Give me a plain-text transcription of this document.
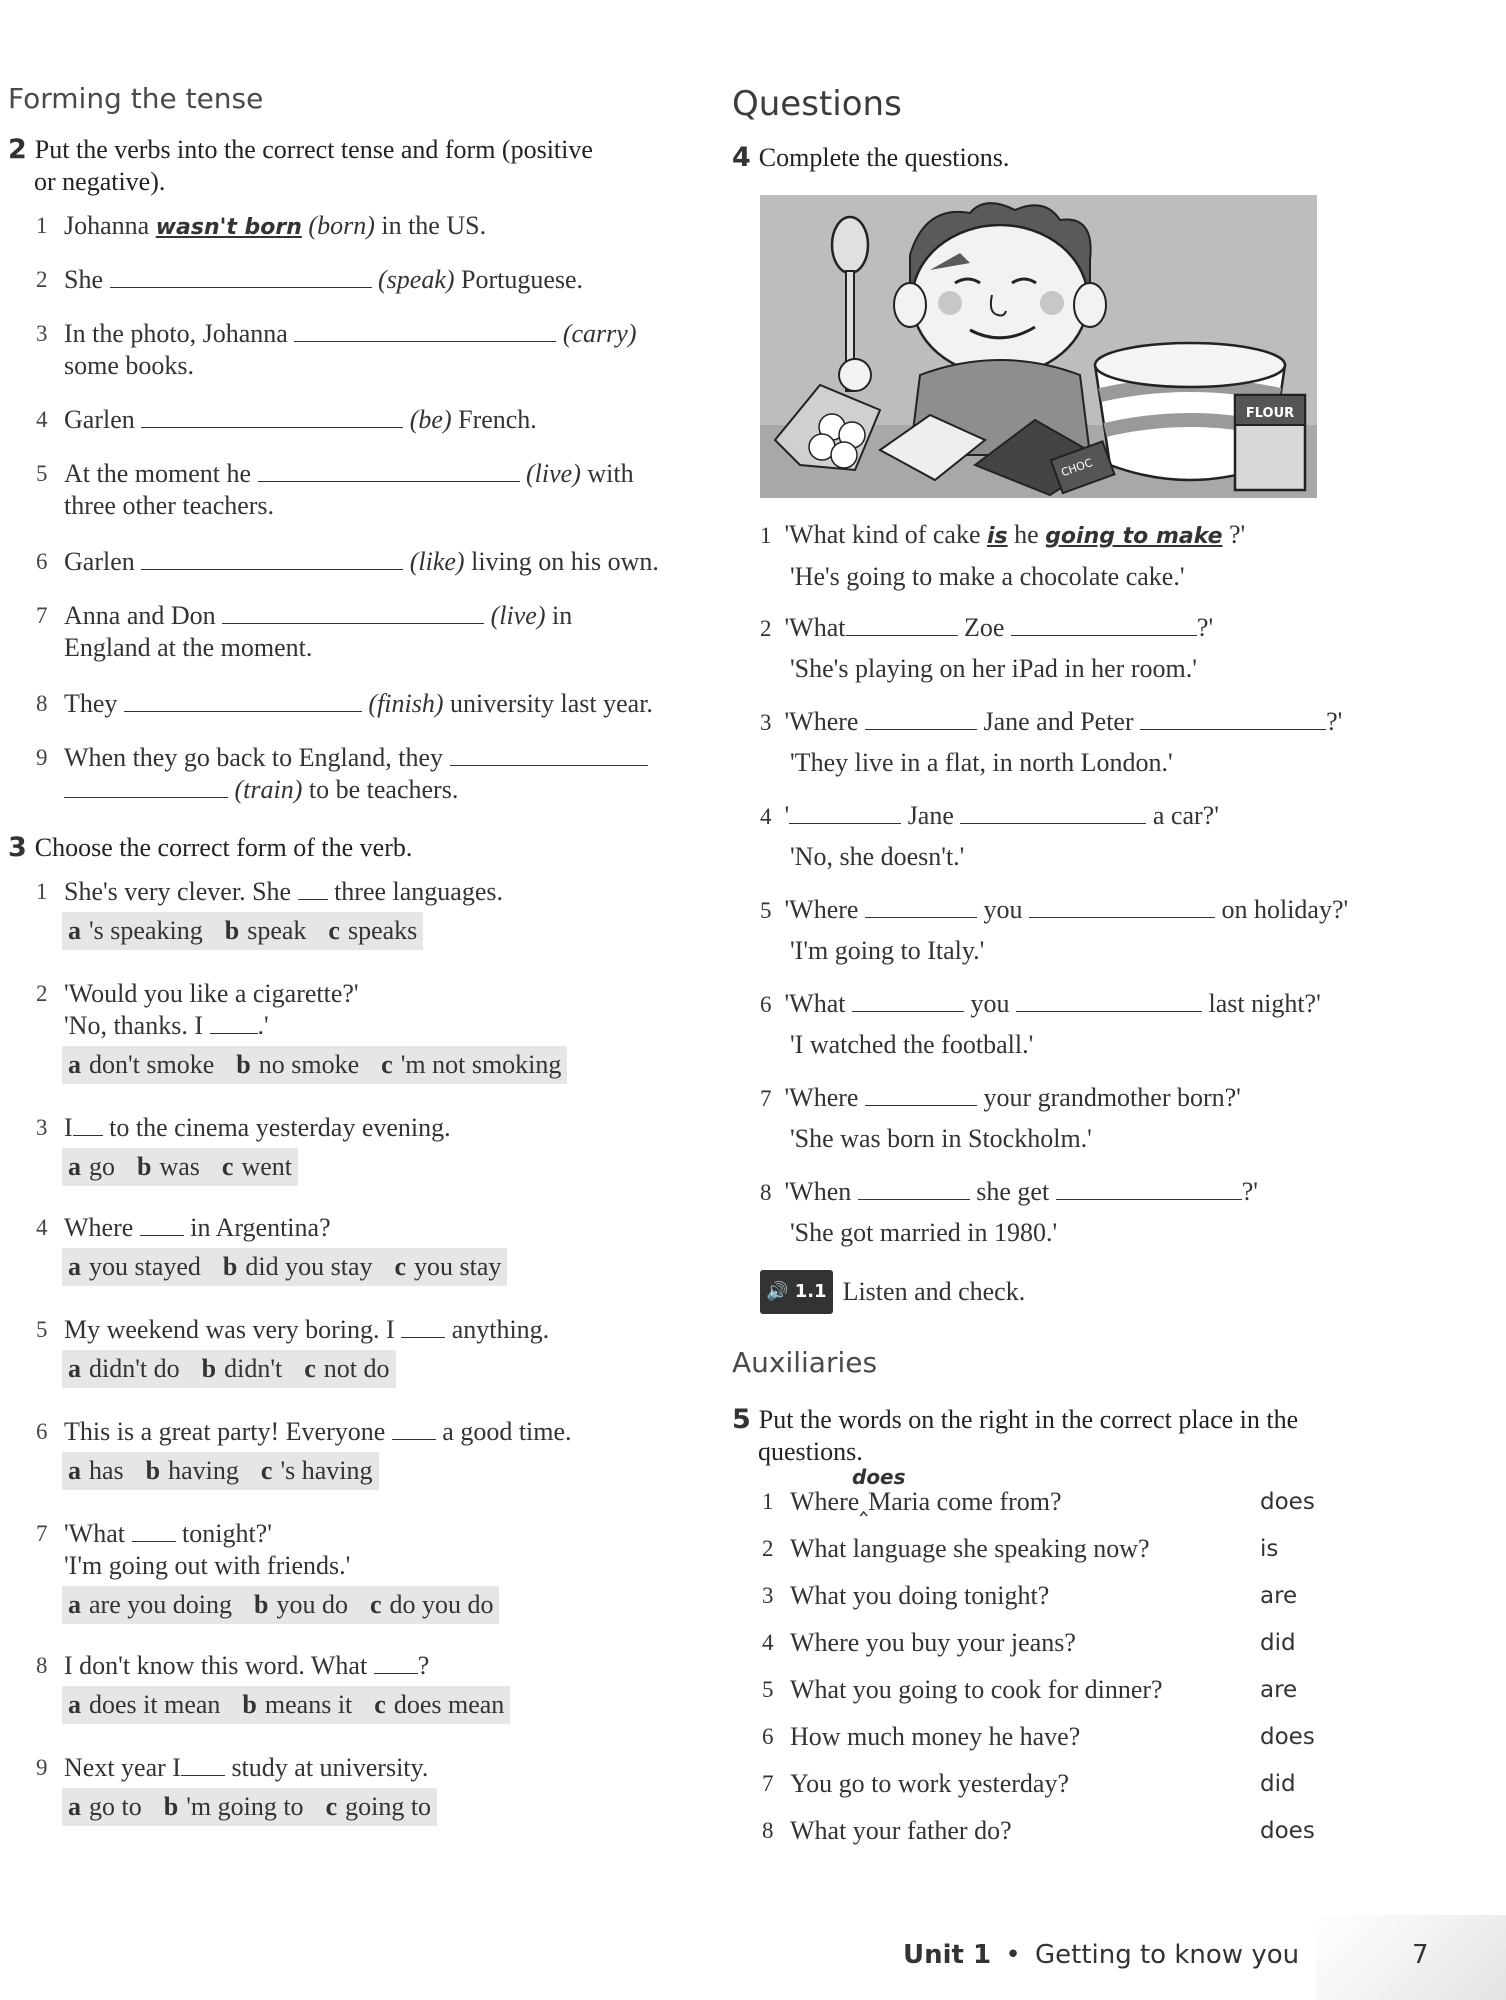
Forming the tense
2 Put the verbs into the correct tense and form (positive
or negative).
1 Johanna wasn't born (born) in the US.
2 She	(speak) Portuguese.
3 In the photo, Johanna	(carry)
some books.
4 Garlen	(be) French.
5 At the moment he	(live) with
three other teachers.
6 Garlen	(like) living on his own.
7 Anna and Don	(live) in
England at the moment.
8 They	(finish) university last year.
9 When they go back to England, they
(train) to be teachers.
3 Choose the correct form of the verb.
1 She's very clever. She three languages.
a 's speaking b speak c speaks
2 'Would you like a cigarette?'
'No, thanks. I .'
a don't smoke b no smoke c 'm not smoking
3 I to the cinema yesterday evening.
a go b was c went
4 Where in Argentina?
a you stayed b did you stay c you stay
5 My weekend was very boring. I anything.
a didn't do b didn't c not do
6 This is a great party! Everyone a good time.
a has b having c 's having
7 'What tonight?'
'I'm going out with friends.'
a are you doing b you do c do you do
8 I don't know this word. What ?
a does it mean b means it c does mean
9 Next year I study at university.
a go to b 'm going to c going to
Questions
4 Complete the questions.
FLOUR
CHOC
1 'What kind of cake is he going to make ?'
'He's going to make a chocolate cake.'
2 'What	Zoe	?'
'She's playing on her iPad in her room.'
3 'Where	Jane and Peter	?'
'They live in a flat, in north London.'
4 '	Jane	a car?'
'No, she doesn't.'
5 'Where	you	on holiday?'
'I'm going to Italy.'
6 'What	you	last night?'
'I watched the football.'
7 'Where	your grandmother born?'
'She was born in Stockholm.'
8 'When	she get	?'
'She got married in 1980.'
🔊 1.1 Listen and check.
Auxiliaries
5 Put the words on the right in the correct place in the
questions.
does
1 Where‸Maria come from?	does
2 What language she speaking now?	is
3 What you doing tonight?	are
4 Where you buy your jeans?	did
5 What you going to cook for dinner?	are
6 How much money he have?	does
7 You go to work yesterday?	did
8 What your father do?	does
Unit 1 • Getting to know you	7
